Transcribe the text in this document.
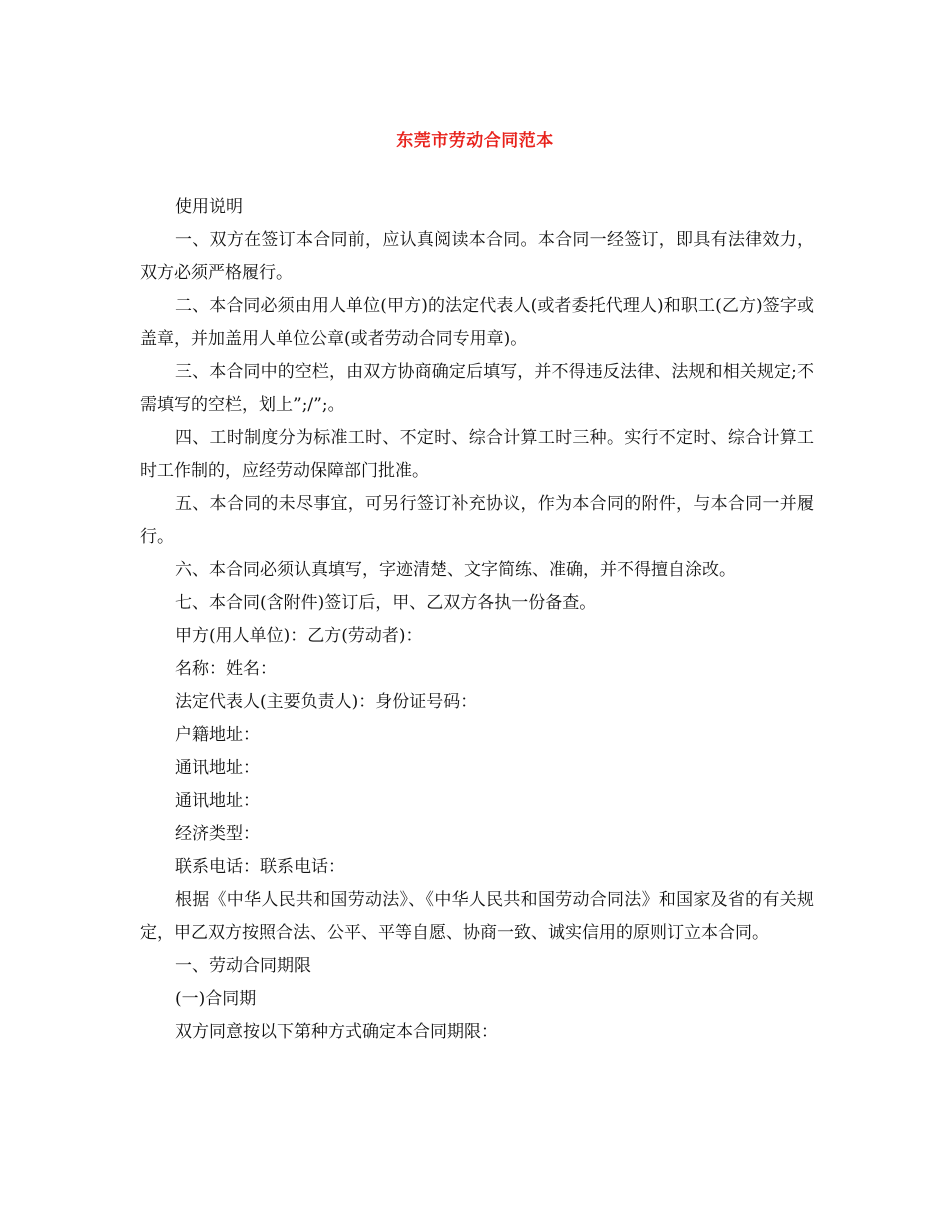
东莞市劳动合同范本

使用说明

一、双方在签订本合同前，应认真阅读本合同。本合同一经签订，即具有法律效力，双方必须严格履行。

二、本合同必须由用人单位(甲方)的法定代表人(或者委托代理人)和职工(乙方)签字或盖章，并加盖用人单位公章(或者劳动合同专用章)。

三、本合同中的空栏，由双方协商确定后填写，并不得违反法律、法规和相关规定;不需填写的空栏，划上”;/”;。

四、工时制度分为标准工时、不定时、综合计算工时三种。实行不定时、综合计算工时工作制的，应经劳动保障部门批准。

五、本合同的未尽事宜，可另行签订补充协议，作为本合同的附件，与本合同一并履行。

六、本合同必须认真填写，字迹清楚、文字简练、准确，并不得擅自涂改。

七、本合同(含附件)签订后，甲、乙双方各执一份备查。

甲方(用人单位)：乙方(劳动者)：

名称：姓名：

法定代表人(主要负责人)：身份证号码：

户籍地址：

通讯地址：

通讯地址：

经济类型：

联系电话：联系电话：

根据《中华人民共和国劳动法》、《中华人民共和国劳动合同法》和国家及省的有关规定，甲乙双方按照合法、公平、平等自愿、协商一致、诚实信用的原则订立本合同。

一、劳动合同期限

(一)合同期

双方同意按以下第种方式确定本合同期限：
